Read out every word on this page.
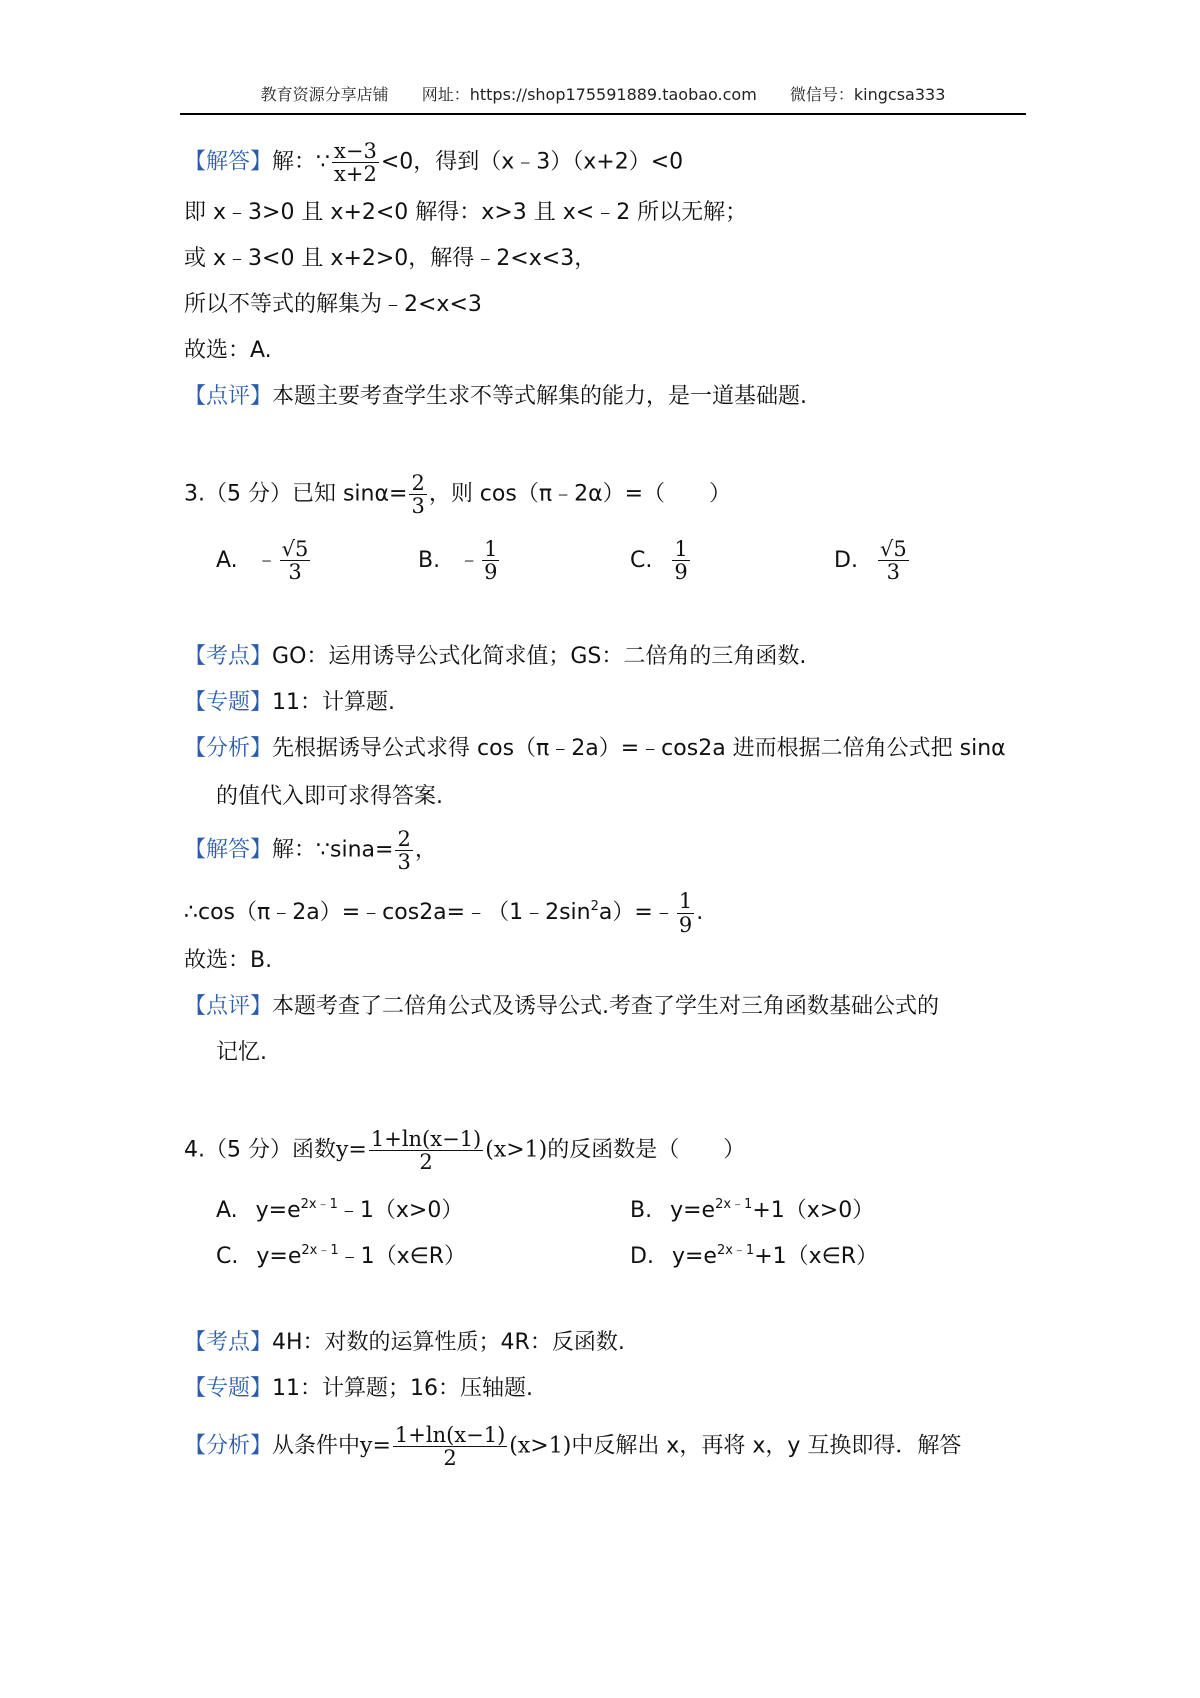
教育资源分享店铺 网址：https://shop175591889.taobao.com 微信号：kingcsa333
【解答】解：∵ $\frac{x-3}{x+2} <0$，得到（x﹣3）（x+2）<0
即 x﹣3>0 且 x+2<0 解得：x>3 且 x<﹣2 所以无解；
或 x﹣3<0 且 x+2>0，解得﹣2<x<3，
所以不等式的解集为﹣2<x<3
故选：A.
【点评】本题主要考查学生求不等式解集的能力，是一道基础题.
3.（5 分）已知 $\sin\alpha= \frac{2}{3}$ ，则 cos（π﹣2α）=（　　）
A. ﹣ $\frac{√5}{3}$	B. ﹣ $\frac{1}{9}$	C. $\frac{1}{9}$	D. $\frac{√5}{3}$
【考点】GO：运用诱导公式化简求值；GS：二倍角的三角函数.
【专题】11：计算题.
【分析】先根据诱导公式求得 cos（π﹣2a）=﹣cos2a 进而根据二倍角公式把 sinα
的值代入即可求得答案.
【解答】解：∵sina= $\frac{2}{3}$ ，
$\therefore\cos(\pi﹣2a)=﹣\cos 2a=﹣(1﹣2\sin^2a)=﹣ \frac{1}{9}$ .
故选：B.
【点评】本题考查了二倍角公式及诱导公式.考查了学生对三角函数基础公式的
记忆.
4.（5 分）函数$y= \frac{1+\ln(x-1)}{2} (x>1)$的反函数是（　　）
A. $y=e^{2x﹣1}﹣1(x>0)$	B. $y=e^{2x﹣1}+1(x>0)$
C. $y=e^{2x﹣1}﹣1(x\in R)$	D. $y=e^{2x﹣1}+1(x\in R)$
【考点】4H：对数的运算性质；4R：反函数.
【专题】11：计算题；16：压轴题.
【分析】从条件中$y= \frac{1+\ln(x-1)}{2} (x>1)$中反解出 x，再将 x，y 互换即得．解答
